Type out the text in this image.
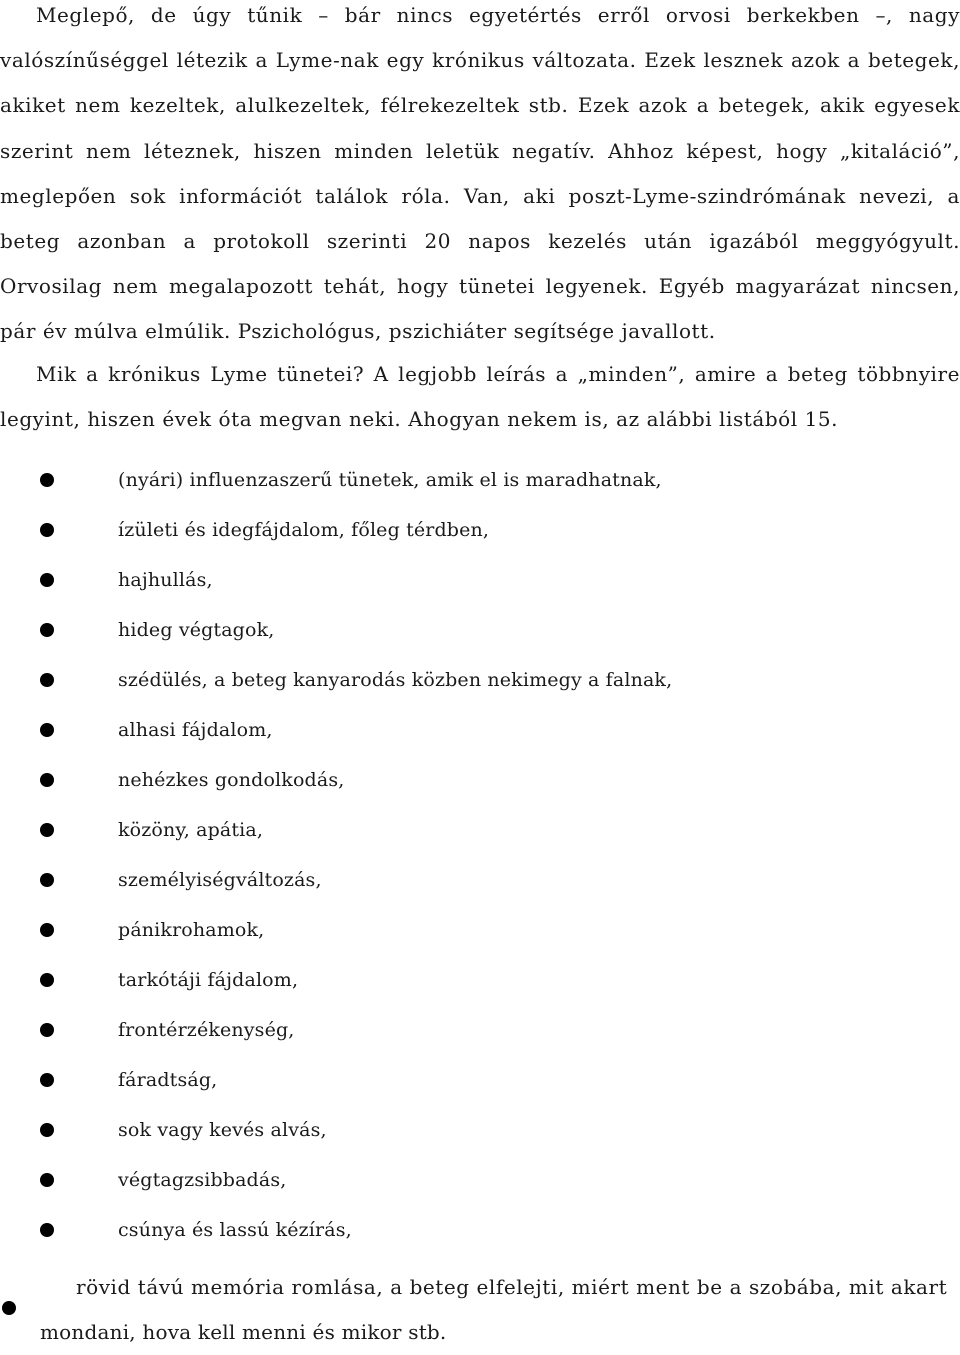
Meglepő, de úgy tűnik – bár nincs egyetértés erről orvosi berkekben –, nagy valószínűséggel létezik a Lyme-nak egy krónikus változata. Ezek lesznek azok a betegek, akiket nem kezeltek, alulkezeltek, félrekezeltek stb. Ezek azok a betegek, akik egyesek szerint nem léteznek, hiszen minden leletük negatív. Ahhoz képest, hogy „kitaláció”, meglepően sok információt találok róla. Van, aki poszt-Lyme-szindrómának nevezi, a beteg azonban a protokoll szerinti 20 napos kezelés után igazából meggyógyult. Orvosilag nem megalapozott tehát, hogy tünetei legyenek. Egyéb magyarázat nincsen, pár év múlva elmúlik. Pszichológus, pszichiáter segítsége javallott.

Mik a krónikus Lyme tünetei? A legjobb leírás a „minden”, amire a beteg többnyire legyint, hiszen évek óta megvan neki. Ahogyan nekem is, az alábbi listából 15.

(nyári) influenzaszerű tünetek, amik el is maradhatnak,
ízületi és idegfájdalom, főleg térdben,
hajhullás,
hideg végtagok,
szédülés, a beteg kanyarodás közben nekimegy a falnak,
alhasi fájdalom,
nehézkes gondolkodás,
közöny, apátia,
személyiségváltozás,
pánikrohamok,
tarkótáji fájdalom,
frontérzékenység,
fáradtság,
sok vagy kevés alvás,
végtagzsibbadás,
csúnya és lassú kézírás,
rövid távú memória romlása, a beteg elfelejti, miért ment be a szobába, mit akart
mondani, hova kell menni és mikor stb.
